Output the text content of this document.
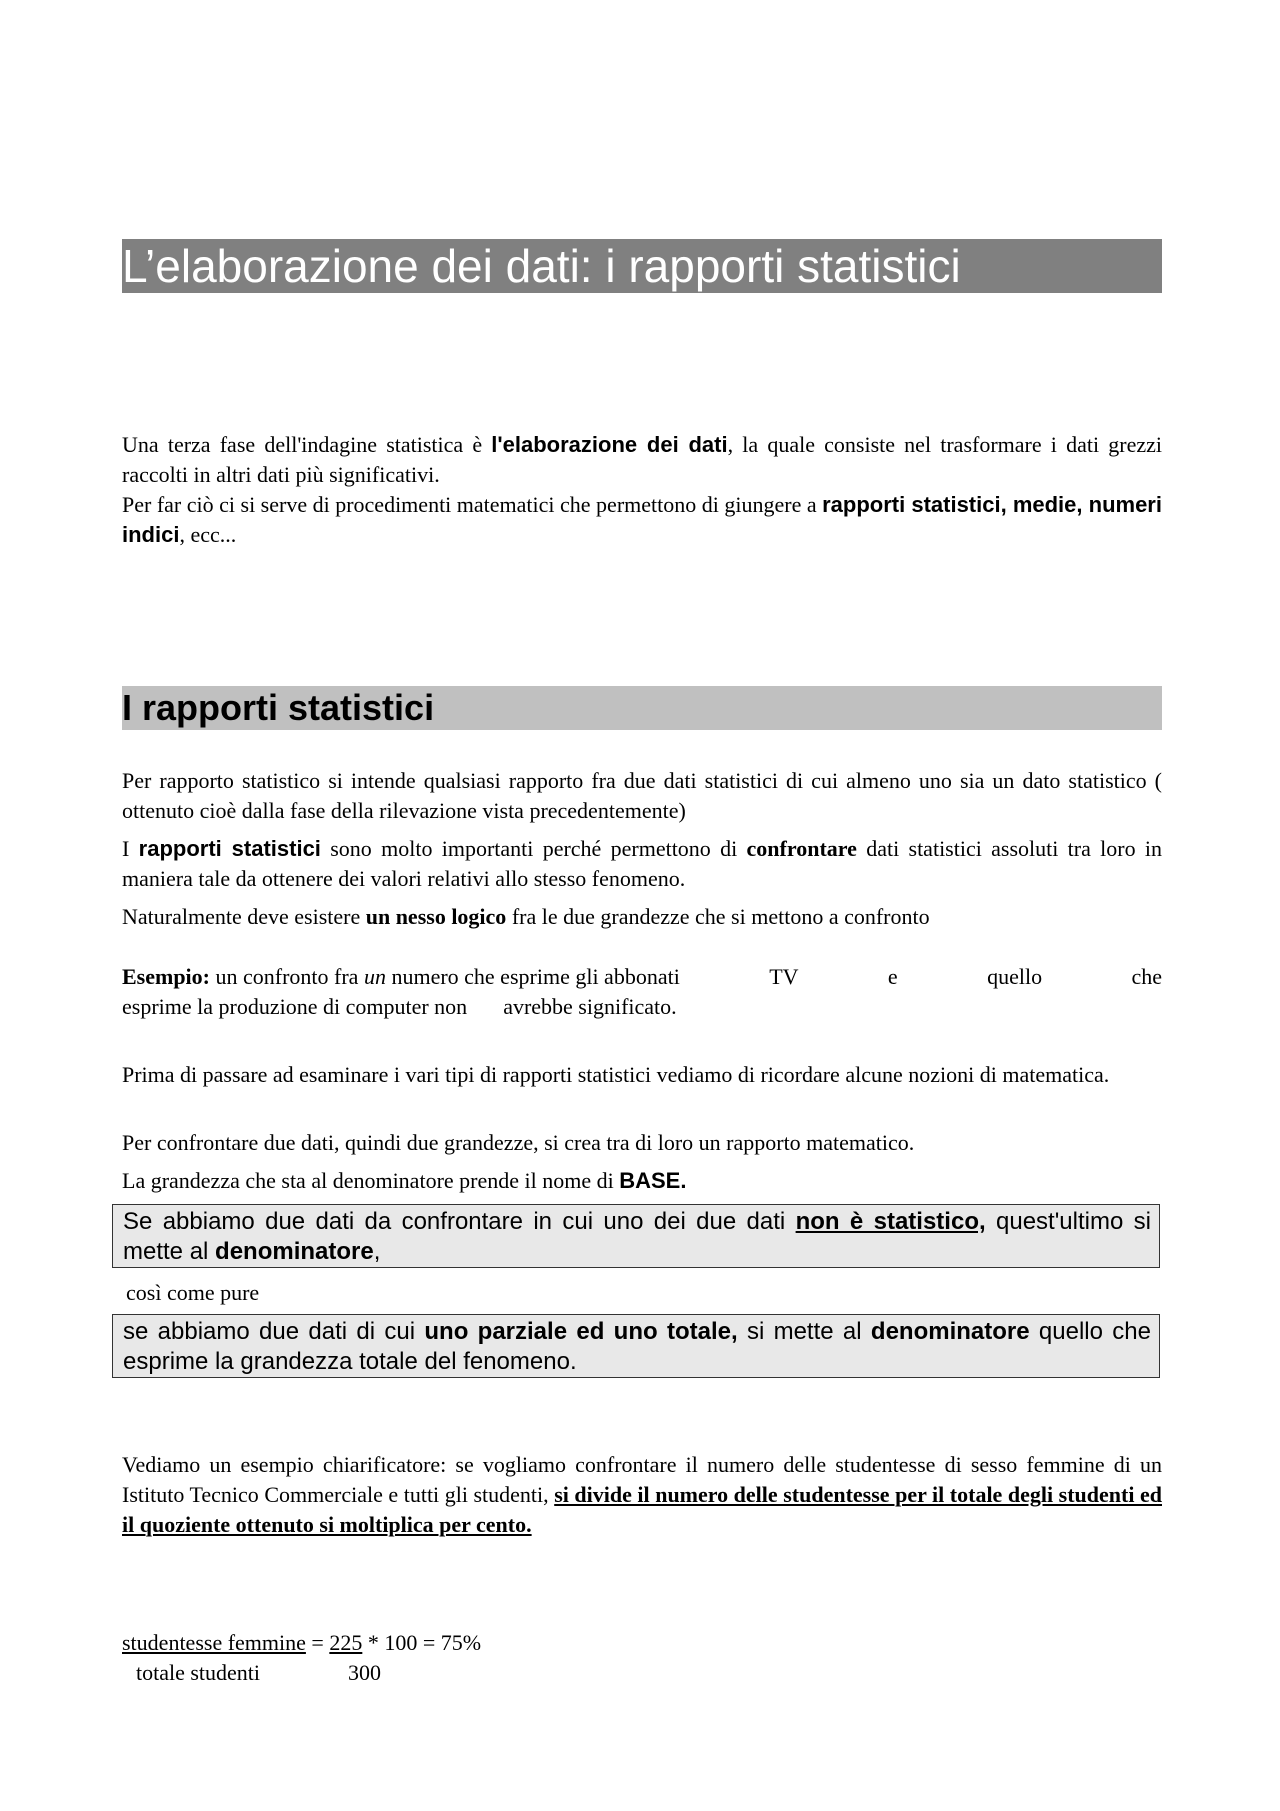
L’elaborazione dei dati: i rapporti statistici
Una terza fase dell'indagine statistica è l'elaborazione dei dati, la quale consiste nel trasformare i dati grezzi raccolti in altri dati più significativi.
Per far ciò ci si serve di procedimenti matematici che permettono di giungere a rapporti statistici, medie, numeri indici, ecc...
I rapporti statistici
Per rapporto statistico si intende qualsiasi rapporto fra due dati statistici di cui almeno uno sia un dato statistico ( ottenuto cioè dalla fase della rilevazione vista precedentemente)
I rapporti statistici sono molto importanti perché permettono di confrontare dati statistici assoluti tra loro in maniera tale da ottenere dei valori relativi allo stesso fenomeno.
Naturalmente deve esistere un nesso logico fra le due grandezze che si mettono a confronto
Esempio: un confronto fra un numero che esprime gli abbonati	TV	e	quello	che
esprime la produzione di computer non avrebbe significato.
Prima di passare ad esaminare i vari tipi di rapporti statistici vediamo di ricordare alcune nozioni di matematica.
Per confrontare due dati, quindi due grandezze, si crea tra di loro un rapporto matematico.
La grandezza che sta al denominatore prende il nome di BASE.
Se abbiamo due dati da confrontare in cui uno dei due dati non è statistico, quest'ultimo si mette al denominatore,
così come pure
se abbiamo due dati di cui uno parziale ed uno totale, si mette al denominatore quello che esprime la grandezza totale del fenomeno.
Vediamo un esempio chiarificatore: se vogliamo confrontare il numero delle studentesse di sesso femmine di un Istituto Tecnico Commerciale e tutti gli studenti, si divide il numero delle studentesse per il totale degli studenti ed il quoziente ottenuto si moltiplica per cento.
studentesse femmine = 225 * 100 = 75%
totale studenti	300
